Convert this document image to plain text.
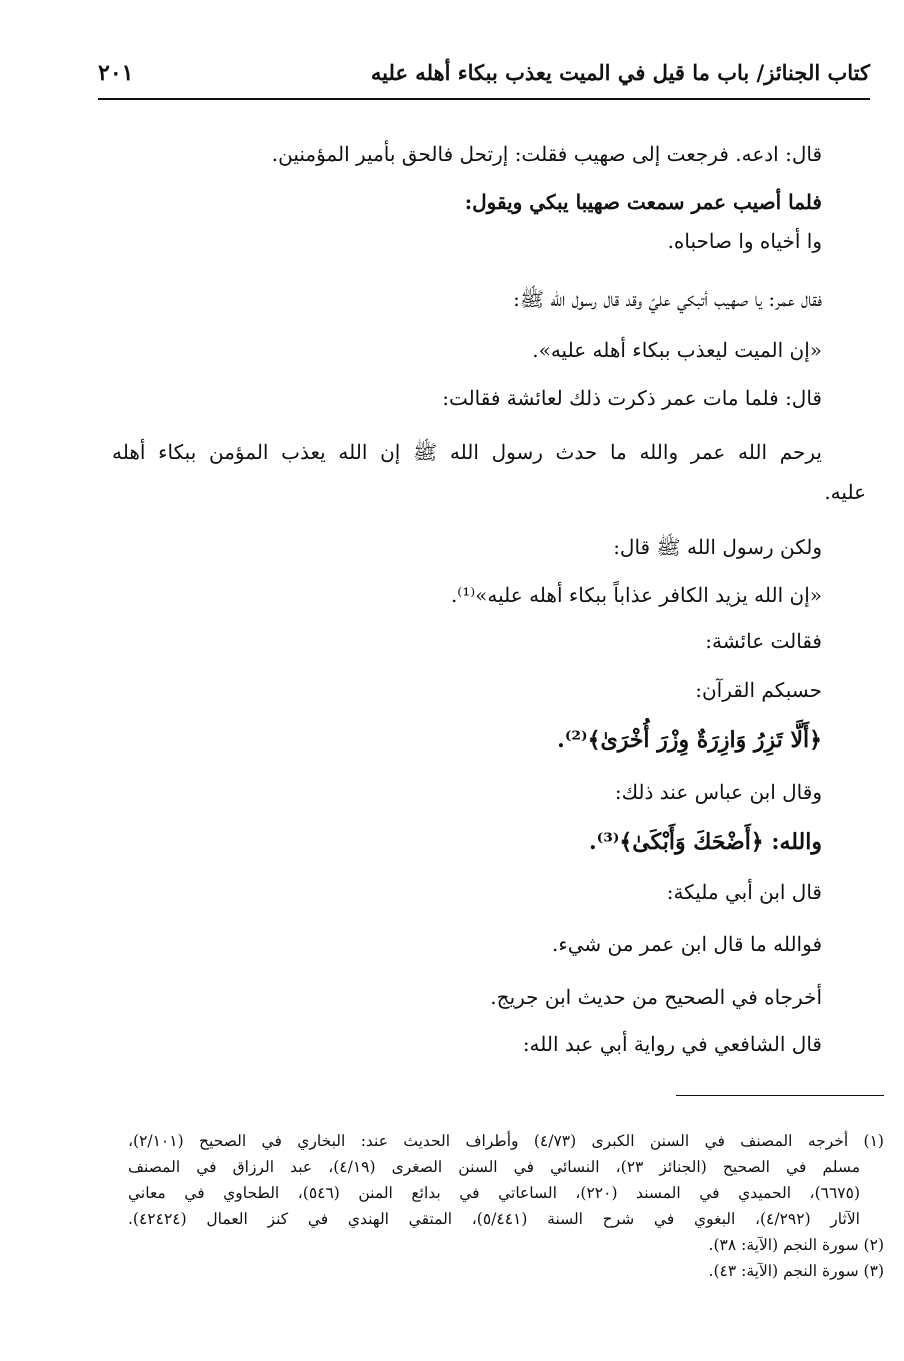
كتاب الجنائز/ باب ما قيل في الميت يعذب ببكاء أهله عليه
٢٠١
قال: ادعه. فرجعت إلى صهيب فقلت: إرتحل فالحق بأمير المؤمنين.
فلما أصيب عمر سمعت صهيبا يبكي ويقول:
وا أخياه وا صاحباه.
فقال عمر: يا صهيب أتبكي عليّ وقد قال رسول الله ﷺ:
«إن الميت ليعذب ببكاء أهله عليه».
قال: فلما مات عمر ذكرت ذلك لعائشة فقالت:
يرحم الله عمر والله ما حدث رسول الله ﷺ إن الله يعذب المؤمن ببكاء أهله
عليه.
ولكن رسول الله ﷺ قال:
«إن الله يزيد الكافر عذاباً ببكاء أهله عليه»⁽¹⁾.
فقالت عائشة:
حسبكم القرآن:
﴿أَلَّا تَزِرُ وَازِرَةٌ وِزْرَ أُخْرَىٰ﴾⁽²⁾.
وقال ابن عباس عند ذلك:
والله: ﴿أَضْحَكَ وَأَبْكَىٰ﴾⁽³⁾.
قال ابن أبي مليكة:
فوالله ما قال ابن عمر من شيء.
أخرجاه في الصحيح من حديث ابن جريج.
قال الشافعي في رواية أبي عبد الله:
(١) أخرجه المصنف في السنن الكبرى (٤/٧٣) وأطراف الحديث عند: البخاري في الصحيح (٢/١٠١)،
مسلم في الصحيح (الجنائز ٢٣)، النسائي في السنن الصغرى (٤/١٩)، عبد الرزاق في المصنف
(٦٦٧٥)، الحميدي في المسند (٢٢٠)، الساعاتي في بدائع المنن (٥٤٦)، الطحاوي في معاني
الآثار (٤/٢٩٢)، البغوي في شرح السنة (٥/٤٤١)، المتقي الهندي في كنز العمال (٤٢٤٢٤).
(٢) سورة النجم (الآية: ٣٨).
(٣) سورة النجم (الآية: ٤٣).
